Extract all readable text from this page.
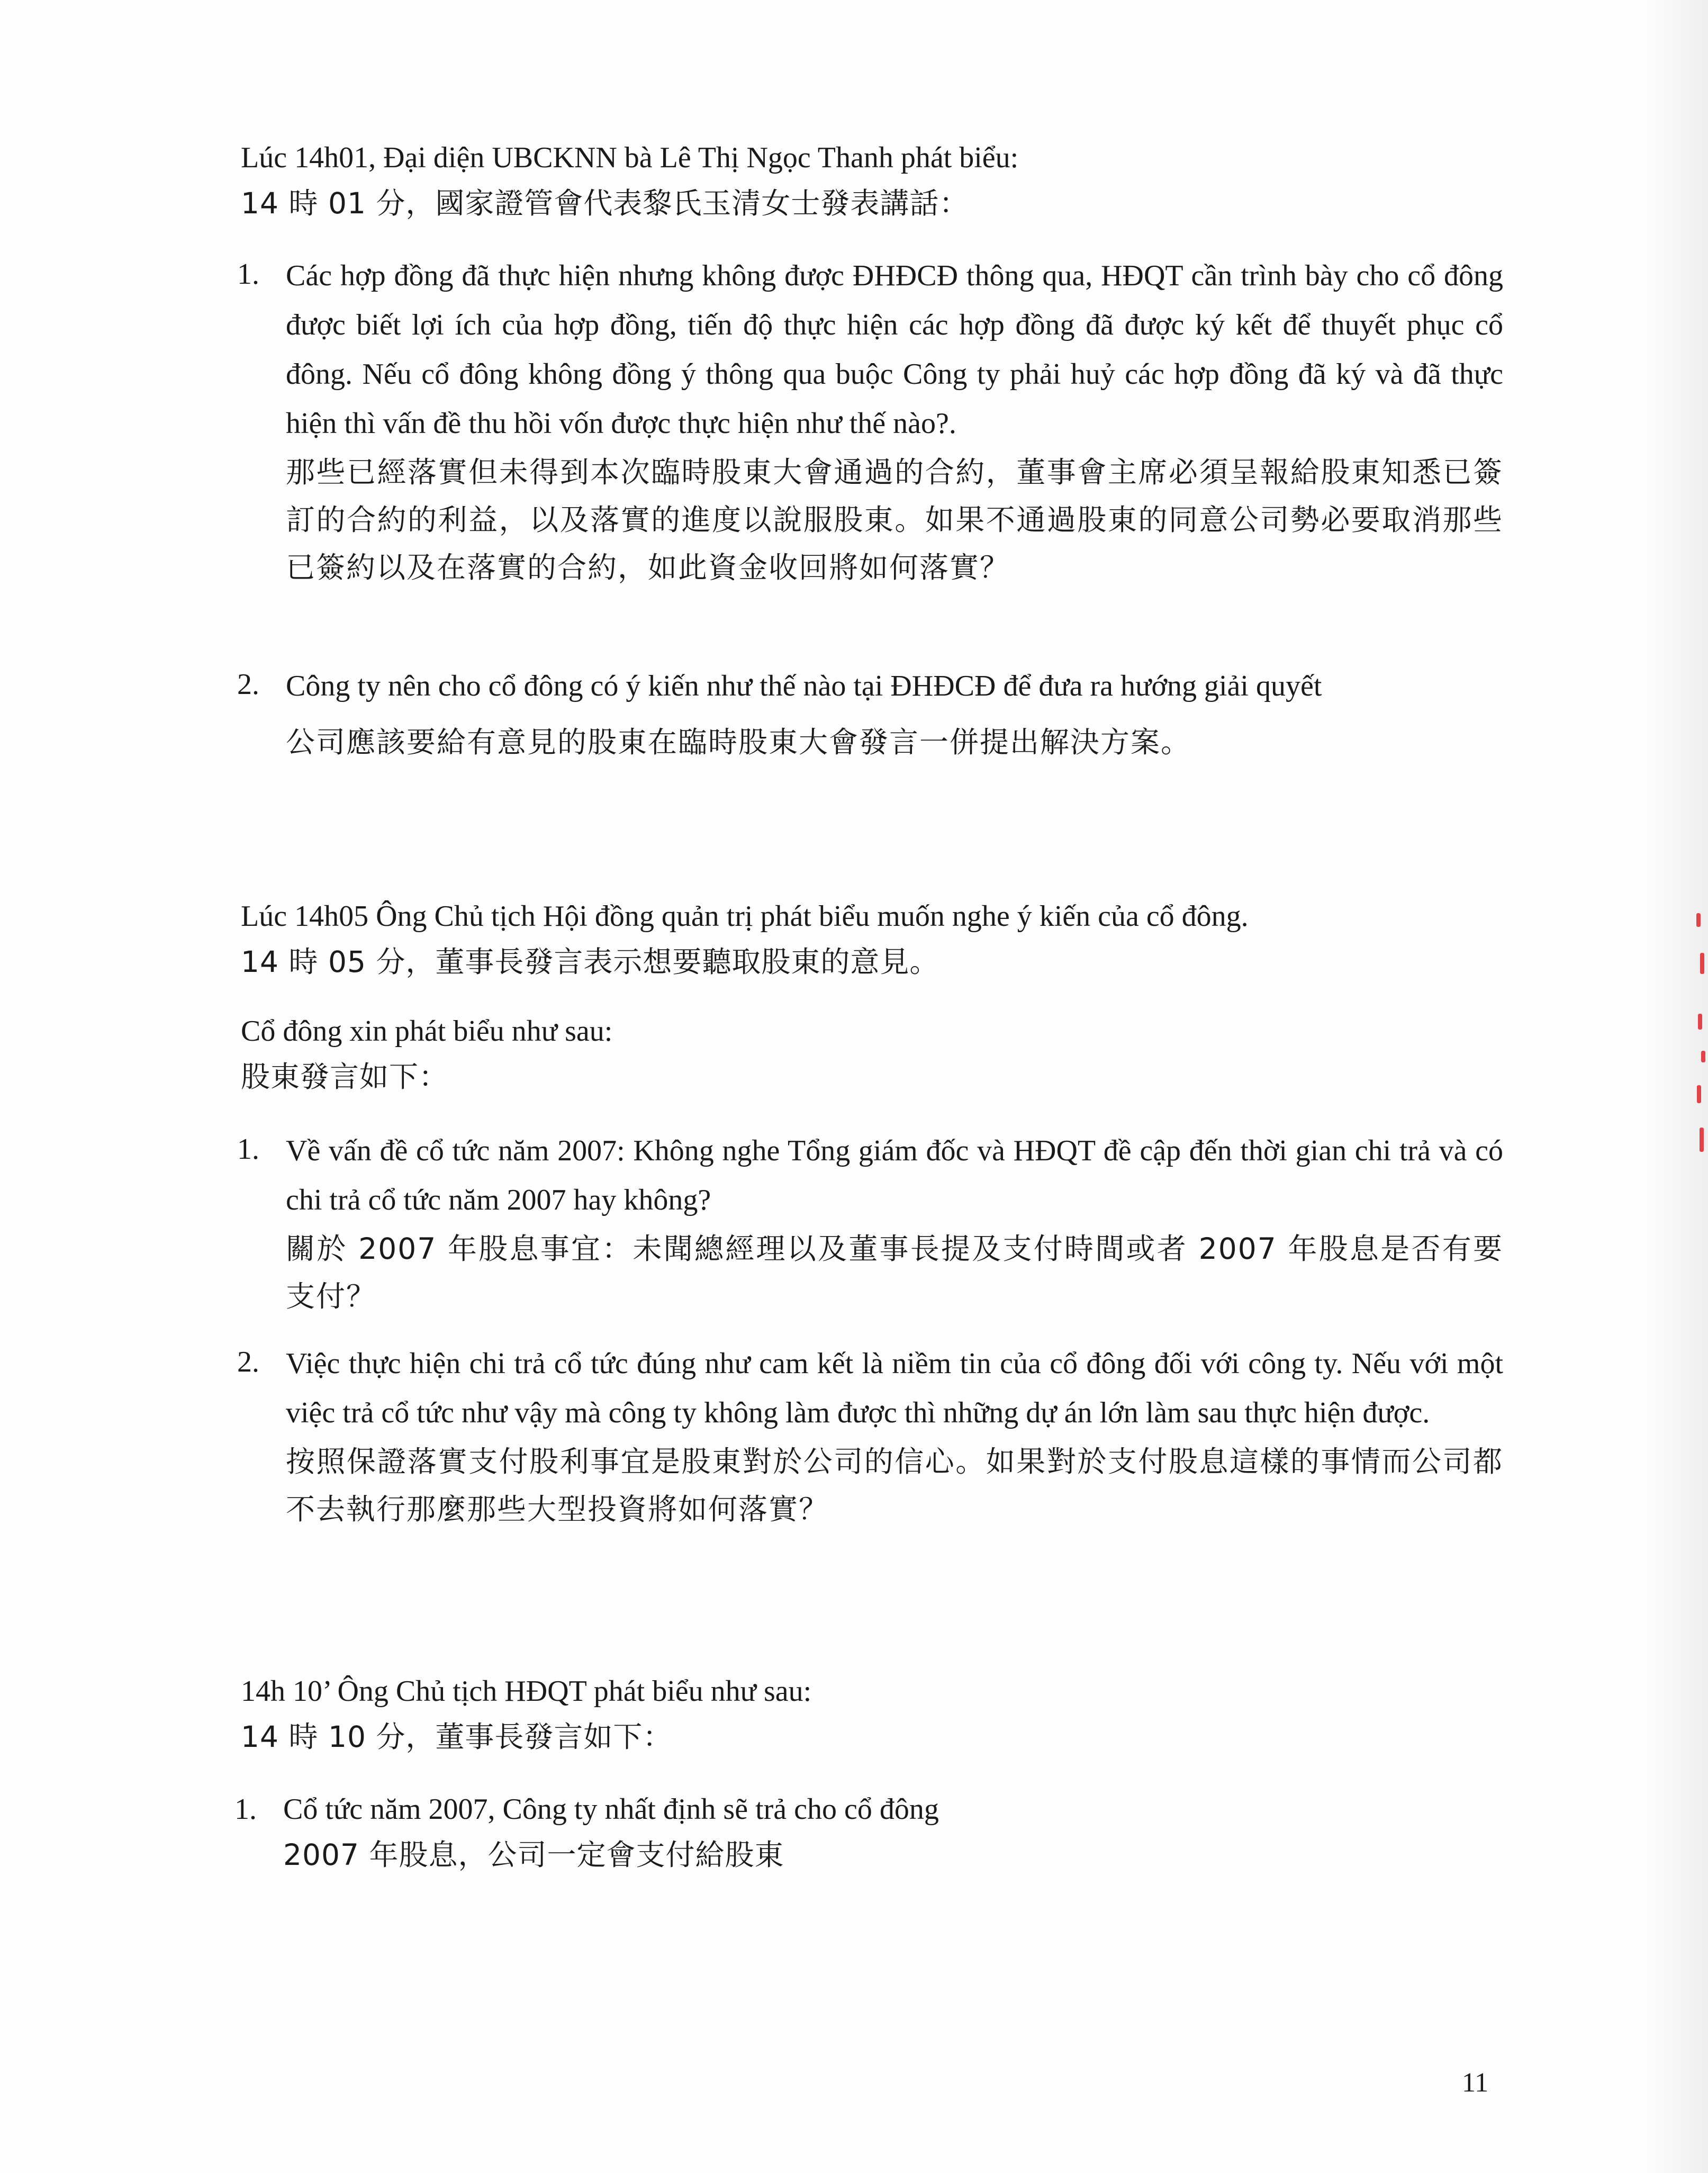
Lúc 14h01, Đại diện UBCKNN bà Lê Thị Ngọc Thanh phát biểu:
14 時 01 分，國家證管會代表黎氏玉清女士發表講話：
1. Các hợp đồng đã thực hiện nhưng không được ĐHĐCĐ thông qua, HĐQT cần trình bày cho cổ đông được biết lợi ích của hợp đồng, tiến độ thực hiện các hợp đồng đã được ký kết để thuyết phục cổ đông. Nếu cổ đông không đồng ý thông qua buộc Công ty phải huỷ các hợp đồng đã ký và đã thực hiện thì vấn đề thu hồi vốn được thực hiện như thế nào?.
那些已經落實但未得到本次臨時股東大會通過的合約，董事會主席必須呈報給股東知悉已簽訂的合約的利益，以及落實的進度以說服股東。如果不通過股東的同意公司勢必要取消那些已簽約以及在落實的合約，如此資金收回將如何落實？
2. Công ty nên cho cổ đông có ý kiến như thế nào tại ĐHĐCĐ để đưa ra hướng giải quyết
公司應該要給有意見的股東在臨時股東大會發言一併提出解決方案。
Lúc 14h05 Ông Chủ tịch Hội đồng quản trị phát biểu muốn nghe ý kiến của cổ đông.
14 時 05 分，董事長發言表示想要聽取股東的意見。
Cổ đông xin phát biểu như sau:
股東發言如下：
1. Về vấn đề cổ tức năm 2007: Không nghe Tổng giám đốc và HĐQT đề cập đến thời gian chi trả và có chi trả cổ tức năm 2007 hay không?
關於 2007 年股息事宜：未聞總經理以及董事長提及支付時間或者 2007 年股息是否有要支付？
2. Việc thực hiện chi trả cổ tức đúng như cam kết là niềm tin của cổ đông đối với công ty. Nếu với một việc trả cổ tức như vậy mà công ty không làm được thì những dự án lớn làm sau thực hiện được.
按照保證落實支付股利事宜是股東對於公司的信心。如果對於支付股息這樣的事情而公司都不去執行那麼那些大型投資將如何落實？
14h 10’ Ông Chủ tịch HĐQT phát biểu như sau:
14 時 10 分，董事長發言如下：
1. Cổ tức năm 2007, Công ty nhất định sẽ trả cho cổ đông
2007 年股息，公司一定會支付給股東
11
